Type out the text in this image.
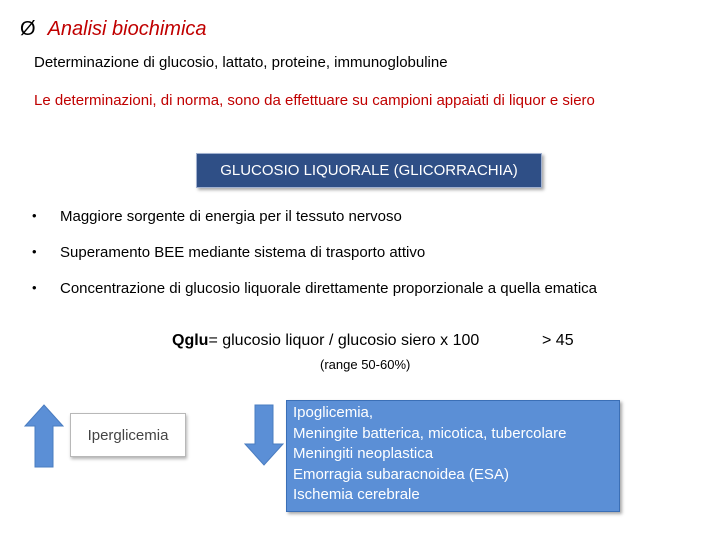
Ø Analisi biochimica
Determinazione di glucosio, lattato, proteine, immunoglobuline
Le determinazioni, di norma, sono da effettuare su campioni appaiati di liquor e siero
GLUCOSIO LIQUORALE (GLICORRACHIA)
•	Maggiore sorgente di energia per il tessuto nervoso
•	Superamento BEE mediante sistema di trasporto attivo
•	Concentrazione di glucosio liquorale direttamente proporzionale a quella ematica
Qglu= glucosio liquor / glucosio siero x 100	> 45
(range 50-60%)
Iperglicemia
Ipoglicemia,
Meningite batterica, micotica, tubercolare
Meningiti neoplastica
Emorragia subaracnoidea (ESA)
Ischemia cerebrale
